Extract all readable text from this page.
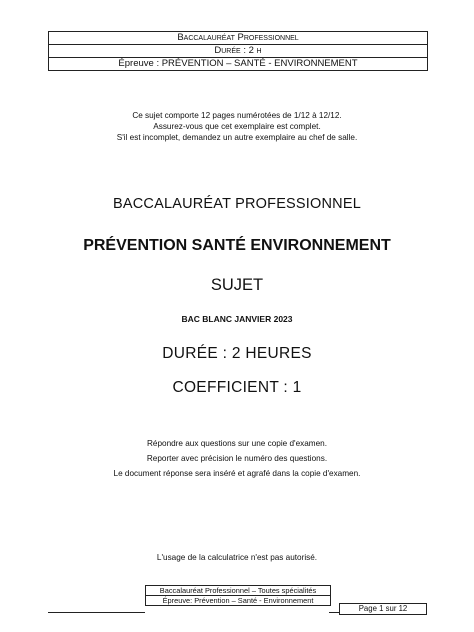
Baccalauréat Professionnel
Durée : 2 h
Épreuve : PRÉVENTION – SANTÉ - ENVIRONNEMENT
Ce sujet comporte 12 pages numérotées de 1/12 à 12/12.
Assurez-vous que cet exemplaire est complet.
S'il est incomplet, demandez un autre exemplaire au chef de salle.
BACCALAURÉAT PROFESSIONNEL
PRÉVENTION SANTÉ ENVIRONNEMENT
SUJET
BAC BLANC JANVIER 2023
DURÉE : 2 HEURES
COEFFICIENT : 1
Répondre aux questions sur une copie d'examen.
Reporter avec précision le numéro des questions.
Le document réponse sera inséré et agrafé dans la copie d'examen.
L'usage de la calculatrice n'est pas autorisé.
Baccalauréat Professionnel – Toutes spécialités
Épreuve: Prévention – Santé - Environnement
Page 1 sur 12
